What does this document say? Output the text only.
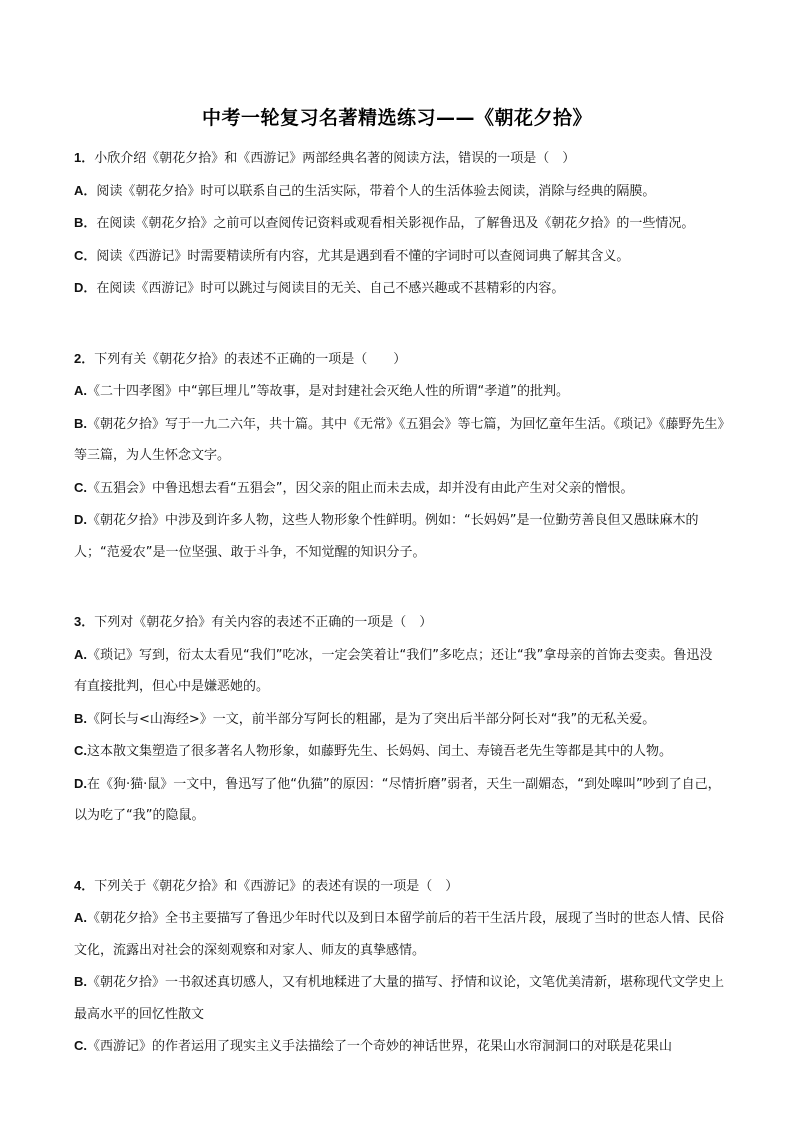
中考一轮复习名著精选练习——《朝花夕拾》
1．小欣介绍《朝花夕拾》和《西游记》两部经典名著的阅读方法，错误的一项是（　）
A．阅读《朝花夕拾》时可以联系自己的生活实际，带着个人的生活体验去阅读，消除与经典的隔膜。
B．在阅读《朝花夕拾》之前可以查阅传记资料或观看相关影视作品，了解鲁迅及《朝花夕拾》的一些情况。
C．阅读《西游记》时需要精读所有内容，尤其是遇到看不懂的字词时可以查阅词典了解其含义。
D．在阅读《西游记》时可以跳过与阅读目的无关、自己不感兴趣或不甚精彩的内容。
2．下列有关《朝花夕拾》的表述不正确的一项是（　　）
A.《二十四孝图》中“郭巨埋儿”等故事，是对封建社会灭绝人性的所谓“孝道”的批判。
B.《朝花夕拾》写于一九二六年，共十篇。其中《无常》《五猖会》等七篇，为回忆童年生活。《琐记》《藤野先生》等三篇，为人生怀念文字。
C.《五猖会》中鲁迅想去看“五猖会”，因父亲的阻止而未去成，却并没有由此产生对父亲的憎恨。
D.《朝花夕拾》中涉及到许多人物，这些人物形象个性鲜明。例如：“长妈妈”是一位勤劳善良但又愚昧麻木的人；“范爱农”是一位坚强、敢于斗争，不知觉醒的知识分子。
3．下列对《朝花夕拾》有关内容的表述不正确的一项是（　）
A.《琐记》写到，衍太太看见“我们”吃冰，一定会笑着让“我们”多吃点；还让“我”拿母亲的首饰去变卖。鲁迅没有直接批判，但心中是嫌恶她的。
B.《阿长与<山海经>》一文，前半部分写阿长的粗鄙，是为了突出后半部分阿长对“我”的无私关爱。
C.这本散文集塑造了很多著名人物形象，如藤野先生、长妈妈、闰土、寿镜吾老先生等都是其中的人物。
D.在《狗·猫·鼠》一文中，鲁迅写了他“仇猫”的原因：“尽情折磨”弱者，天生一副媚态，“到处嗥叫”吵到了自己，以为吃了“我”的隐鼠。
4．下列关于《朝花夕拾》和《西游记》的表述有误的一项是（　）
A.《朝花夕拾》全书主要描写了鲁迅少年时代以及到日本留学前后的若干生活片段，展现了当时的世态人情、民俗文化，流露出对社会的深刻观察和对家人、师友的真挚感情。
B.《朝花夕拾》一书叙述真切感人，又有机地糅进了大量的描写、抒情和议论，文笔优美清新，堪称现代文学史上最高水平的回忆性散文
C.《西游记》的作者运用了现实主义手法描绘了一个奇妙的神话世界，花果山水帘洞洞口的对联是花果山
